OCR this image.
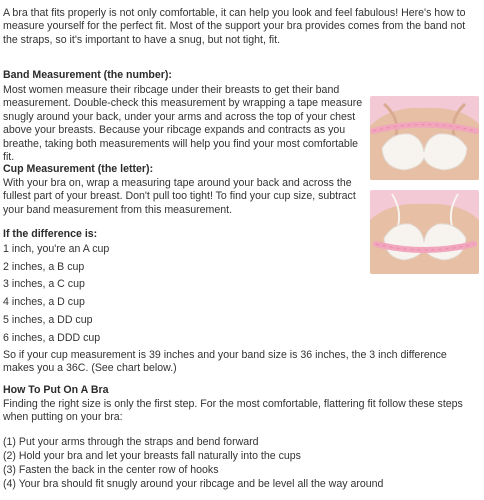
A bra that fits properly is not only comfortable, it can help you look and feel fabulous! Here's how to measure yourself for the perfect fit. Most of the support your bra provides comes from the band not the straps, so it's important to have a snug, but not tight, fit.

Band Measurement (the number):

Most women measure their ribcage under their breasts to get their band measurement. Double-check this measurement by wrapping a tape measure snugly around your back, under your arms and across the top of your chest above your breasts. Because your ribcage expands and contracts as you breathe, taking both measurements will help you find your most comfortable fit.

Cup Measurement (the letter):

With your bra on, wrap a measuring tape around your back and across the fullest part of your breast. Don't pull too tight! To find your cup size, subtract your band measurement from this measurement.

If the difference is:

1 inch, you're an A cup
2 inches, a B cup
3 inches, a C cup
4 inches, a D cup
5 inches, a DD cup
6 inches, a DDD cup

So if your cup measurement is 39 inches and your band size is 36 inches, the 3 inch difference makes you a 36C. (See chart below.)

How To Put On A Bra

Finding the right size is only the first step. For the most comfortable, flattering fit follow these steps when putting on your bra:

(1) Put your arms through the straps and bend forward
(2) Hold your bra and let your breasts fall naturally into the cups
(3) Fasten the back in the center row of hooks
(4) Your bra should fit snugly around your ribcage and be level all the way around
